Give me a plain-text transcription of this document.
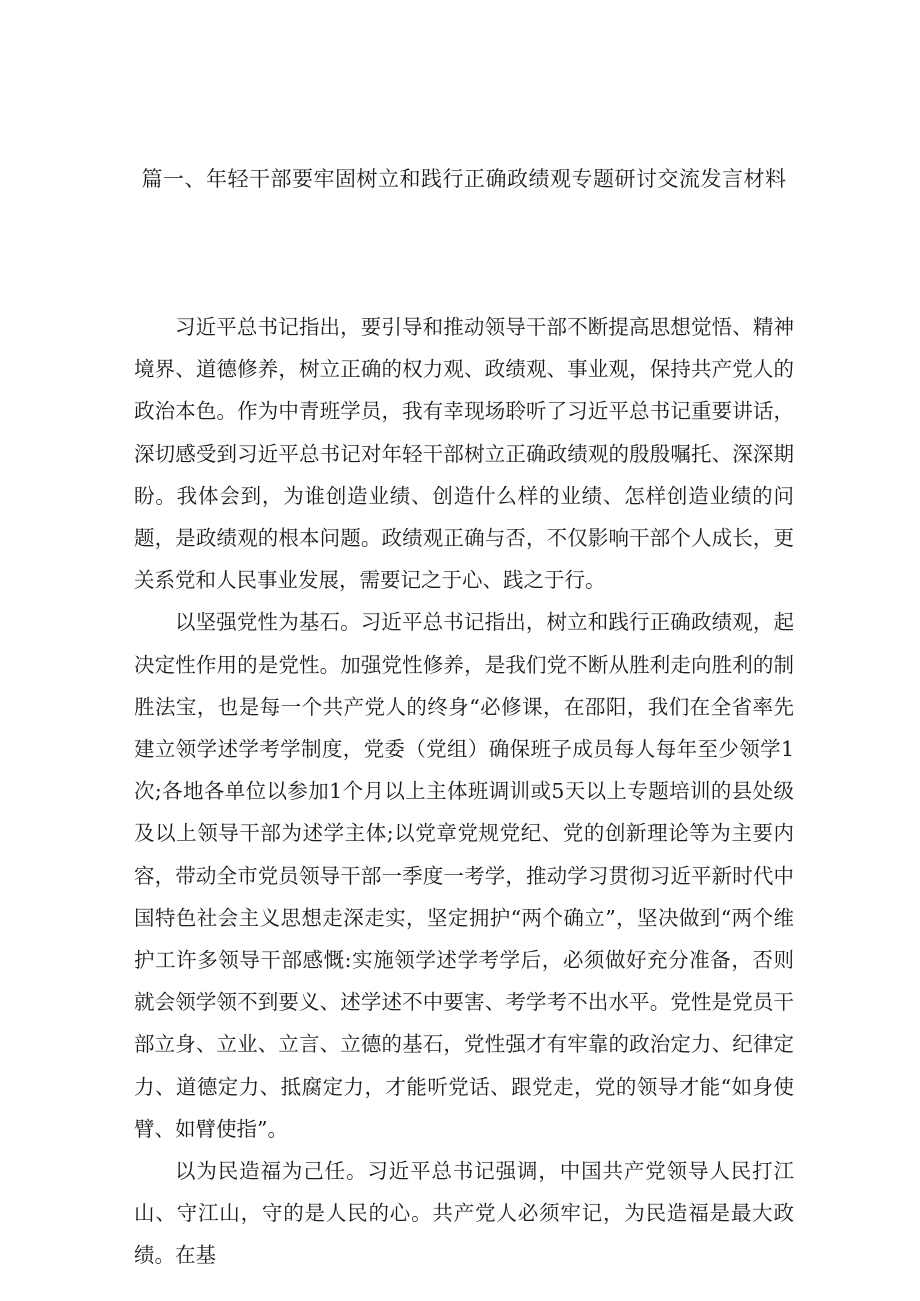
篇一、年轻干部要牢固树立和践行正确政绩观专题研讨交流发言材料

习近平总书记指出，要引导和推动领导干部不断提高思想觉悟、精神境界、道德修养，树立正确的权力观、政绩观、事业观，保持共产党人的政治本色。作为中青班学员，我有幸现场聆听了习近平总书记重要讲话，深切感受到习近平总书记对年轻干部树立正确政绩观的殷殷嘱托、深深期盼。我体会到，为谁创造业绩、创造什么样的业绩、怎样创造业绩的问题，是政绩观的根本问题。政绩观正确与否，不仅影响干部个人成长，更关系党和人民事业发展，需要记之于心、践之于行。

以坚强党性为基石。习近平总书记指出，树立和践行正确政绩观，起决定性作用的是党性。加强党性修养，是我们党不断从胜利走向胜利的制胜法宝，也是每一个共产党人的终身“必修课，在邵阳，我们在全省率先建立领学述学考学制度，党委（党组）确保班子成员每人每年至少领学1次;各地各单位以参加1个月以上主体班调训或5天以上专题培训的县处级及以上领导干部为述学主体;以党章党规党纪、党的创新理论等为主要内容，带动全市党员领导干部一季度一考学，推动学习贯彻习近平新时代中国特色社会主义思想走深走实，坚定拥护“两个确立”，坚决做到“两个维护工许多领导干部感慨:实施领学述学考学后，必须做好充分准备，否则就会领学领不到要义、述学述不中要害、考学考不出水平。党性是党员干部立身、立业、立言、立德的基石，党性强才有牢靠的政治定力、纪律定力、道德定力、抵腐定力，才能听党话、跟党走，党的领导才能“如身使臂、如臂使指”。

以为民造福为己任。习近平总书记强调，中国共产党领导人民打江山、守江山，守的是人民的心。共产党人必须牢记，为民造福是最大政绩。在基
